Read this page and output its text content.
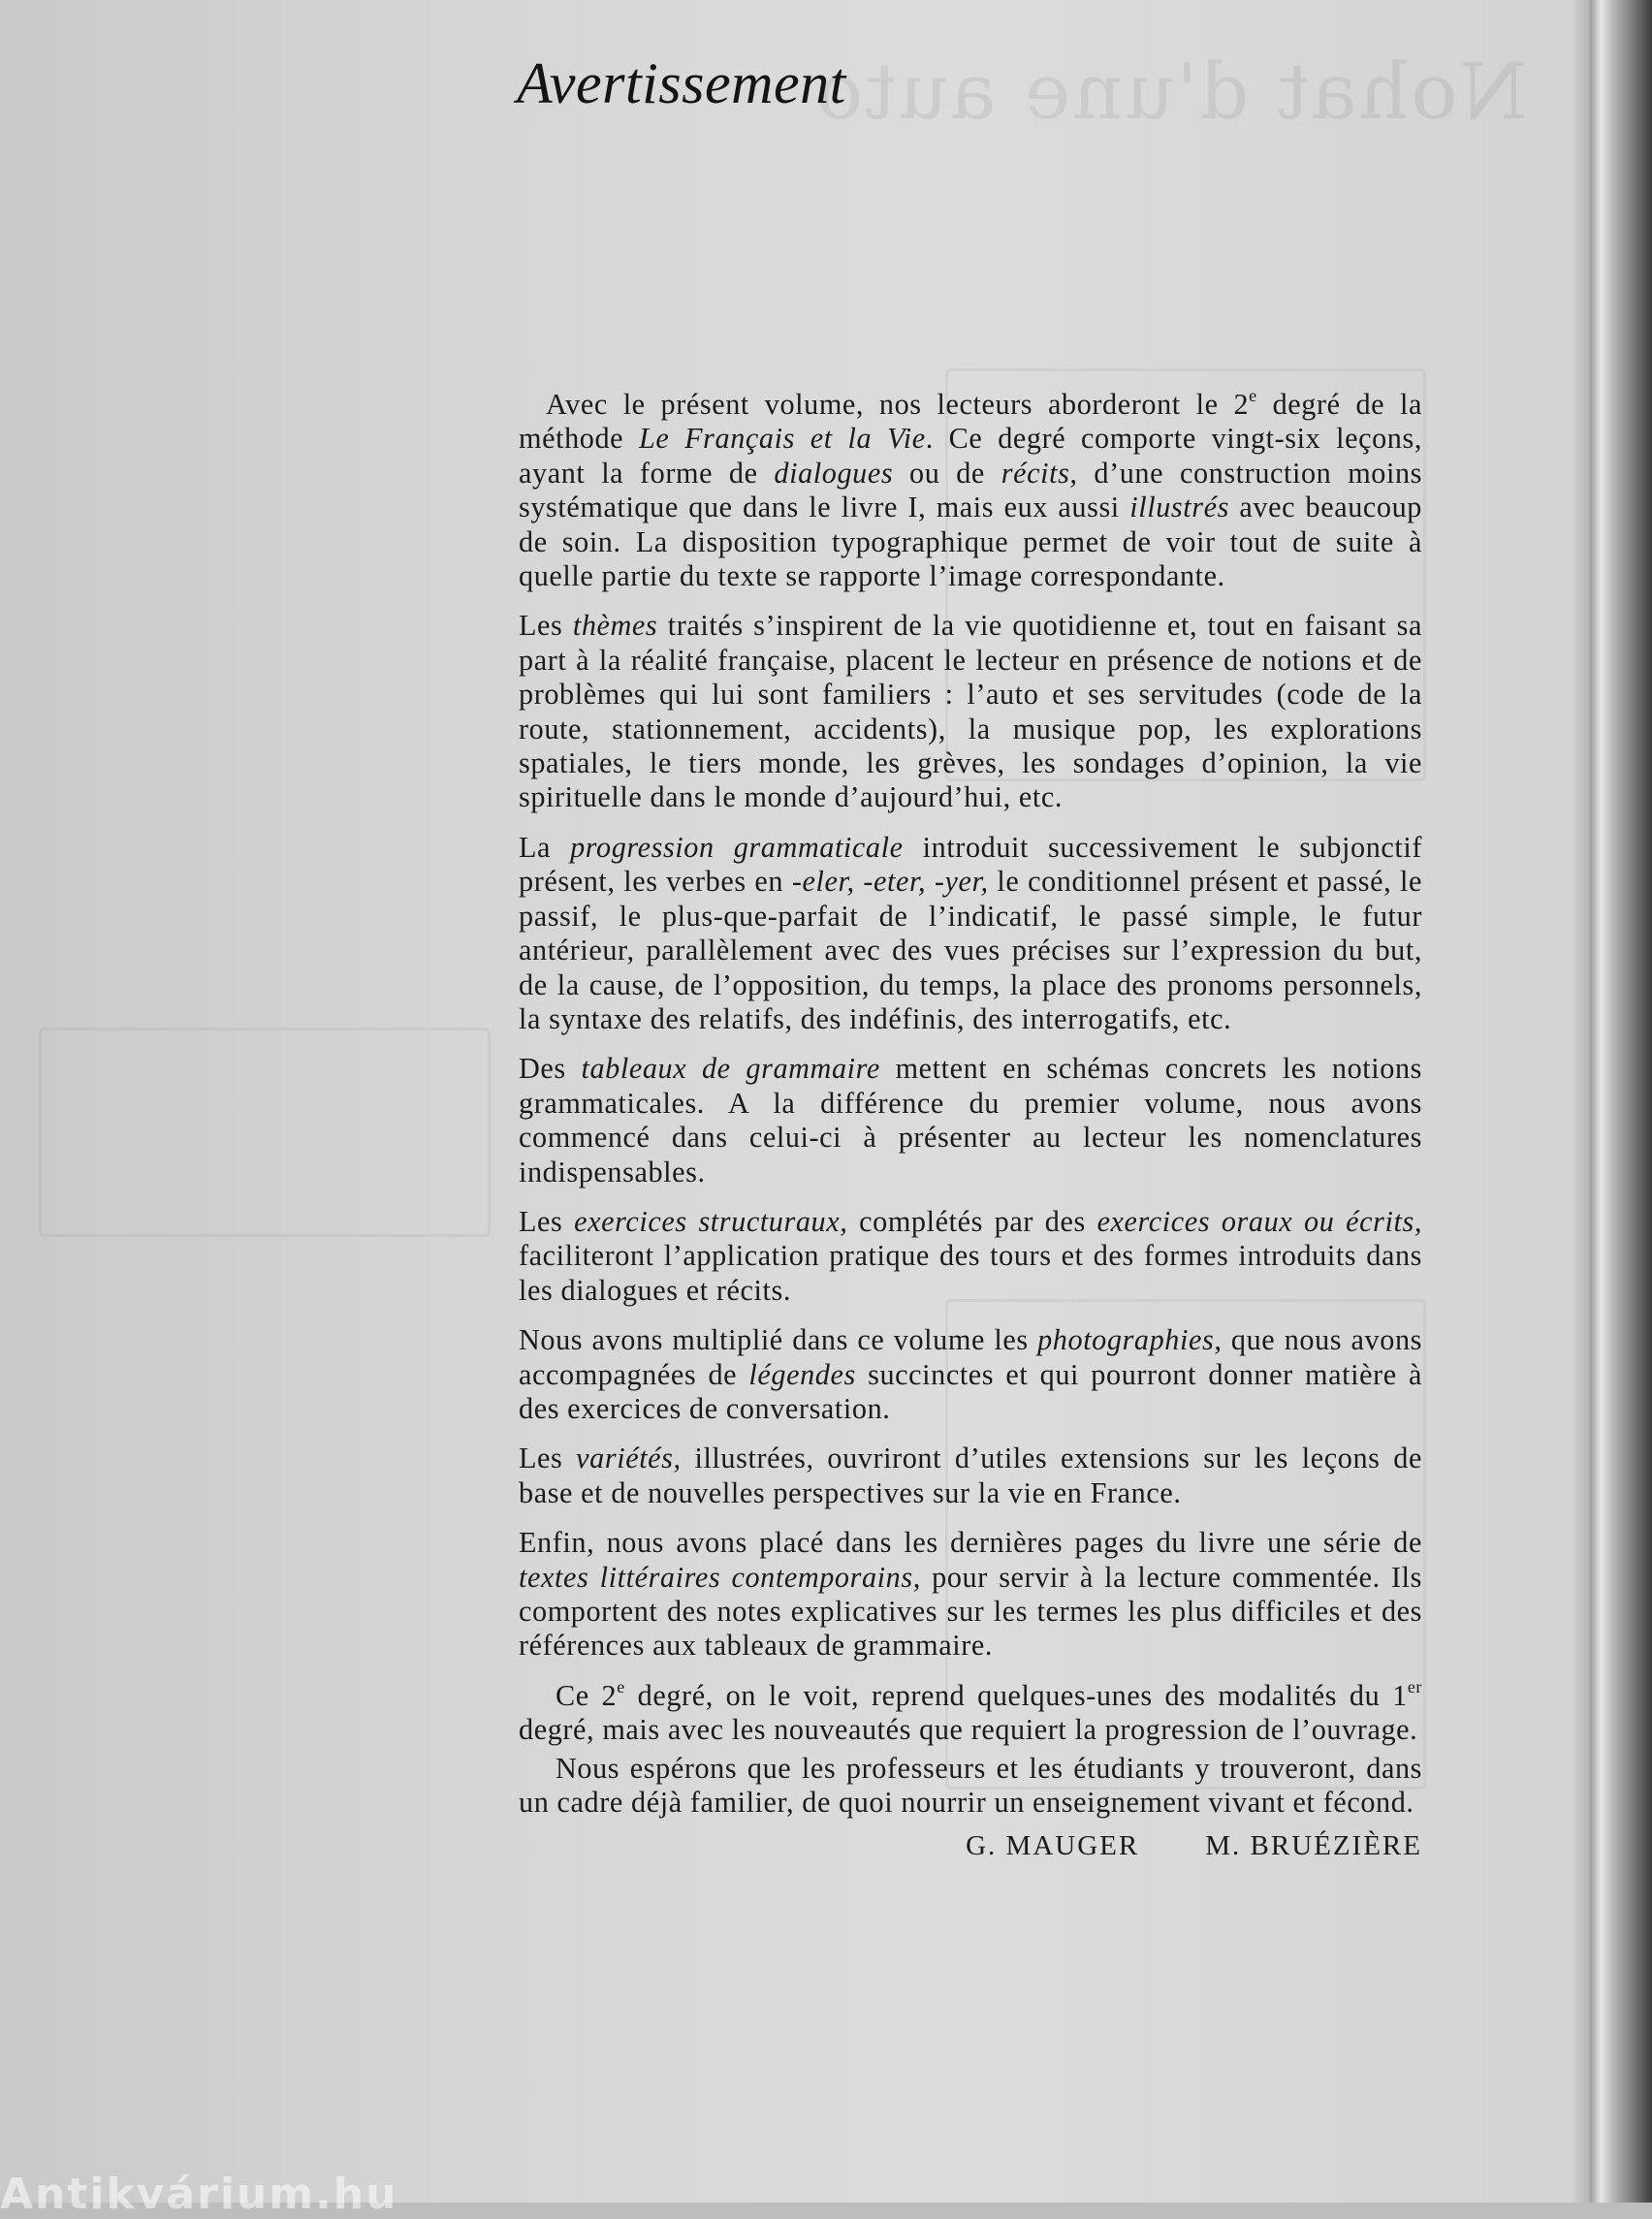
Nohat d'une auto
Avertissement

Avec le présent volume, nos lecteurs aborderont le 2e degré de la méthode Le Français et la Vie. Ce degré comporte vingt-six leçons, ayant la forme de dialogues ou de récits, d’une construction moins systématique que dans le livre I, mais eux aussi illustrés avec beaucoup de soin. La disposition typographique permet de voir tout de suite à quelle partie du texte se rapporte l’image correspondante.

Les thèmes traités s’inspirent de la vie quotidienne et, tout en faisant sa part à la réalité française, placent le lecteur en présence de notions et de problèmes qui lui sont familiers : l’auto et ses servitudes (code de la route, stationnement, accidents), la musique pop, les explorations spatiales, le tiers monde, les grèves, les sondages d’opinion, la vie spirituelle dans le monde d’aujourd’hui, etc.

La progression grammaticale introduit successivement le subjonctif présent, les verbes en -eler, -eter, -yer, le conditionnel présent et passé, le passif, le plus-que-parfait de l’indicatif, le passé simple, le futur antérieur, parallèlement avec des vues précises sur l’expression du but, de la cause, de l’opposition, du temps, la place des pronoms personnels, la syntaxe des relatifs, des indéfinis, des interrogatifs, etc.

Des tableaux de grammaire mettent en schémas concrets les notions grammaticales. A la différence du premier volume, nous avons commencé dans celui-ci à présenter au lecteur les nomenclatures indispensables.

Les exercices structuraux, complétés par des exercices oraux ou écrits, faciliteront l’application pratique des tours et des formes introduits dans les dialogues et récits.

Nous avons multiplié dans ce volume les photographies, que nous avons accompagnées de légendes succinctes et qui pourront donner matière à des exercices de conversation.

Les variétés, illustrées, ouvriront d’utiles extensions sur les leçons de base et de nouvelles perspectives sur la vie en France.

Enfin, nous avons placé dans les dernières pages du livre une série de textes littéraires contemporains, pour servir à la lecture commentée. Ils comportent des notes explicatives sur les termes les plus difficiles et des références aux tableaux de grammaire.

Ce 2e degré, on le voit, reprend quelques-unes des modalités du 1er degré, mais avec les nouveautés que requiert la progression de l’ouvrage.

Nous espérons que les professeurs et les étudiants y trouveront, dans un cadre déjà familier, de quoi nourrir un enseignement vivant et fécond.

G. MAUGER M. BRUÉZIÈRE
Antikvárium.hu
